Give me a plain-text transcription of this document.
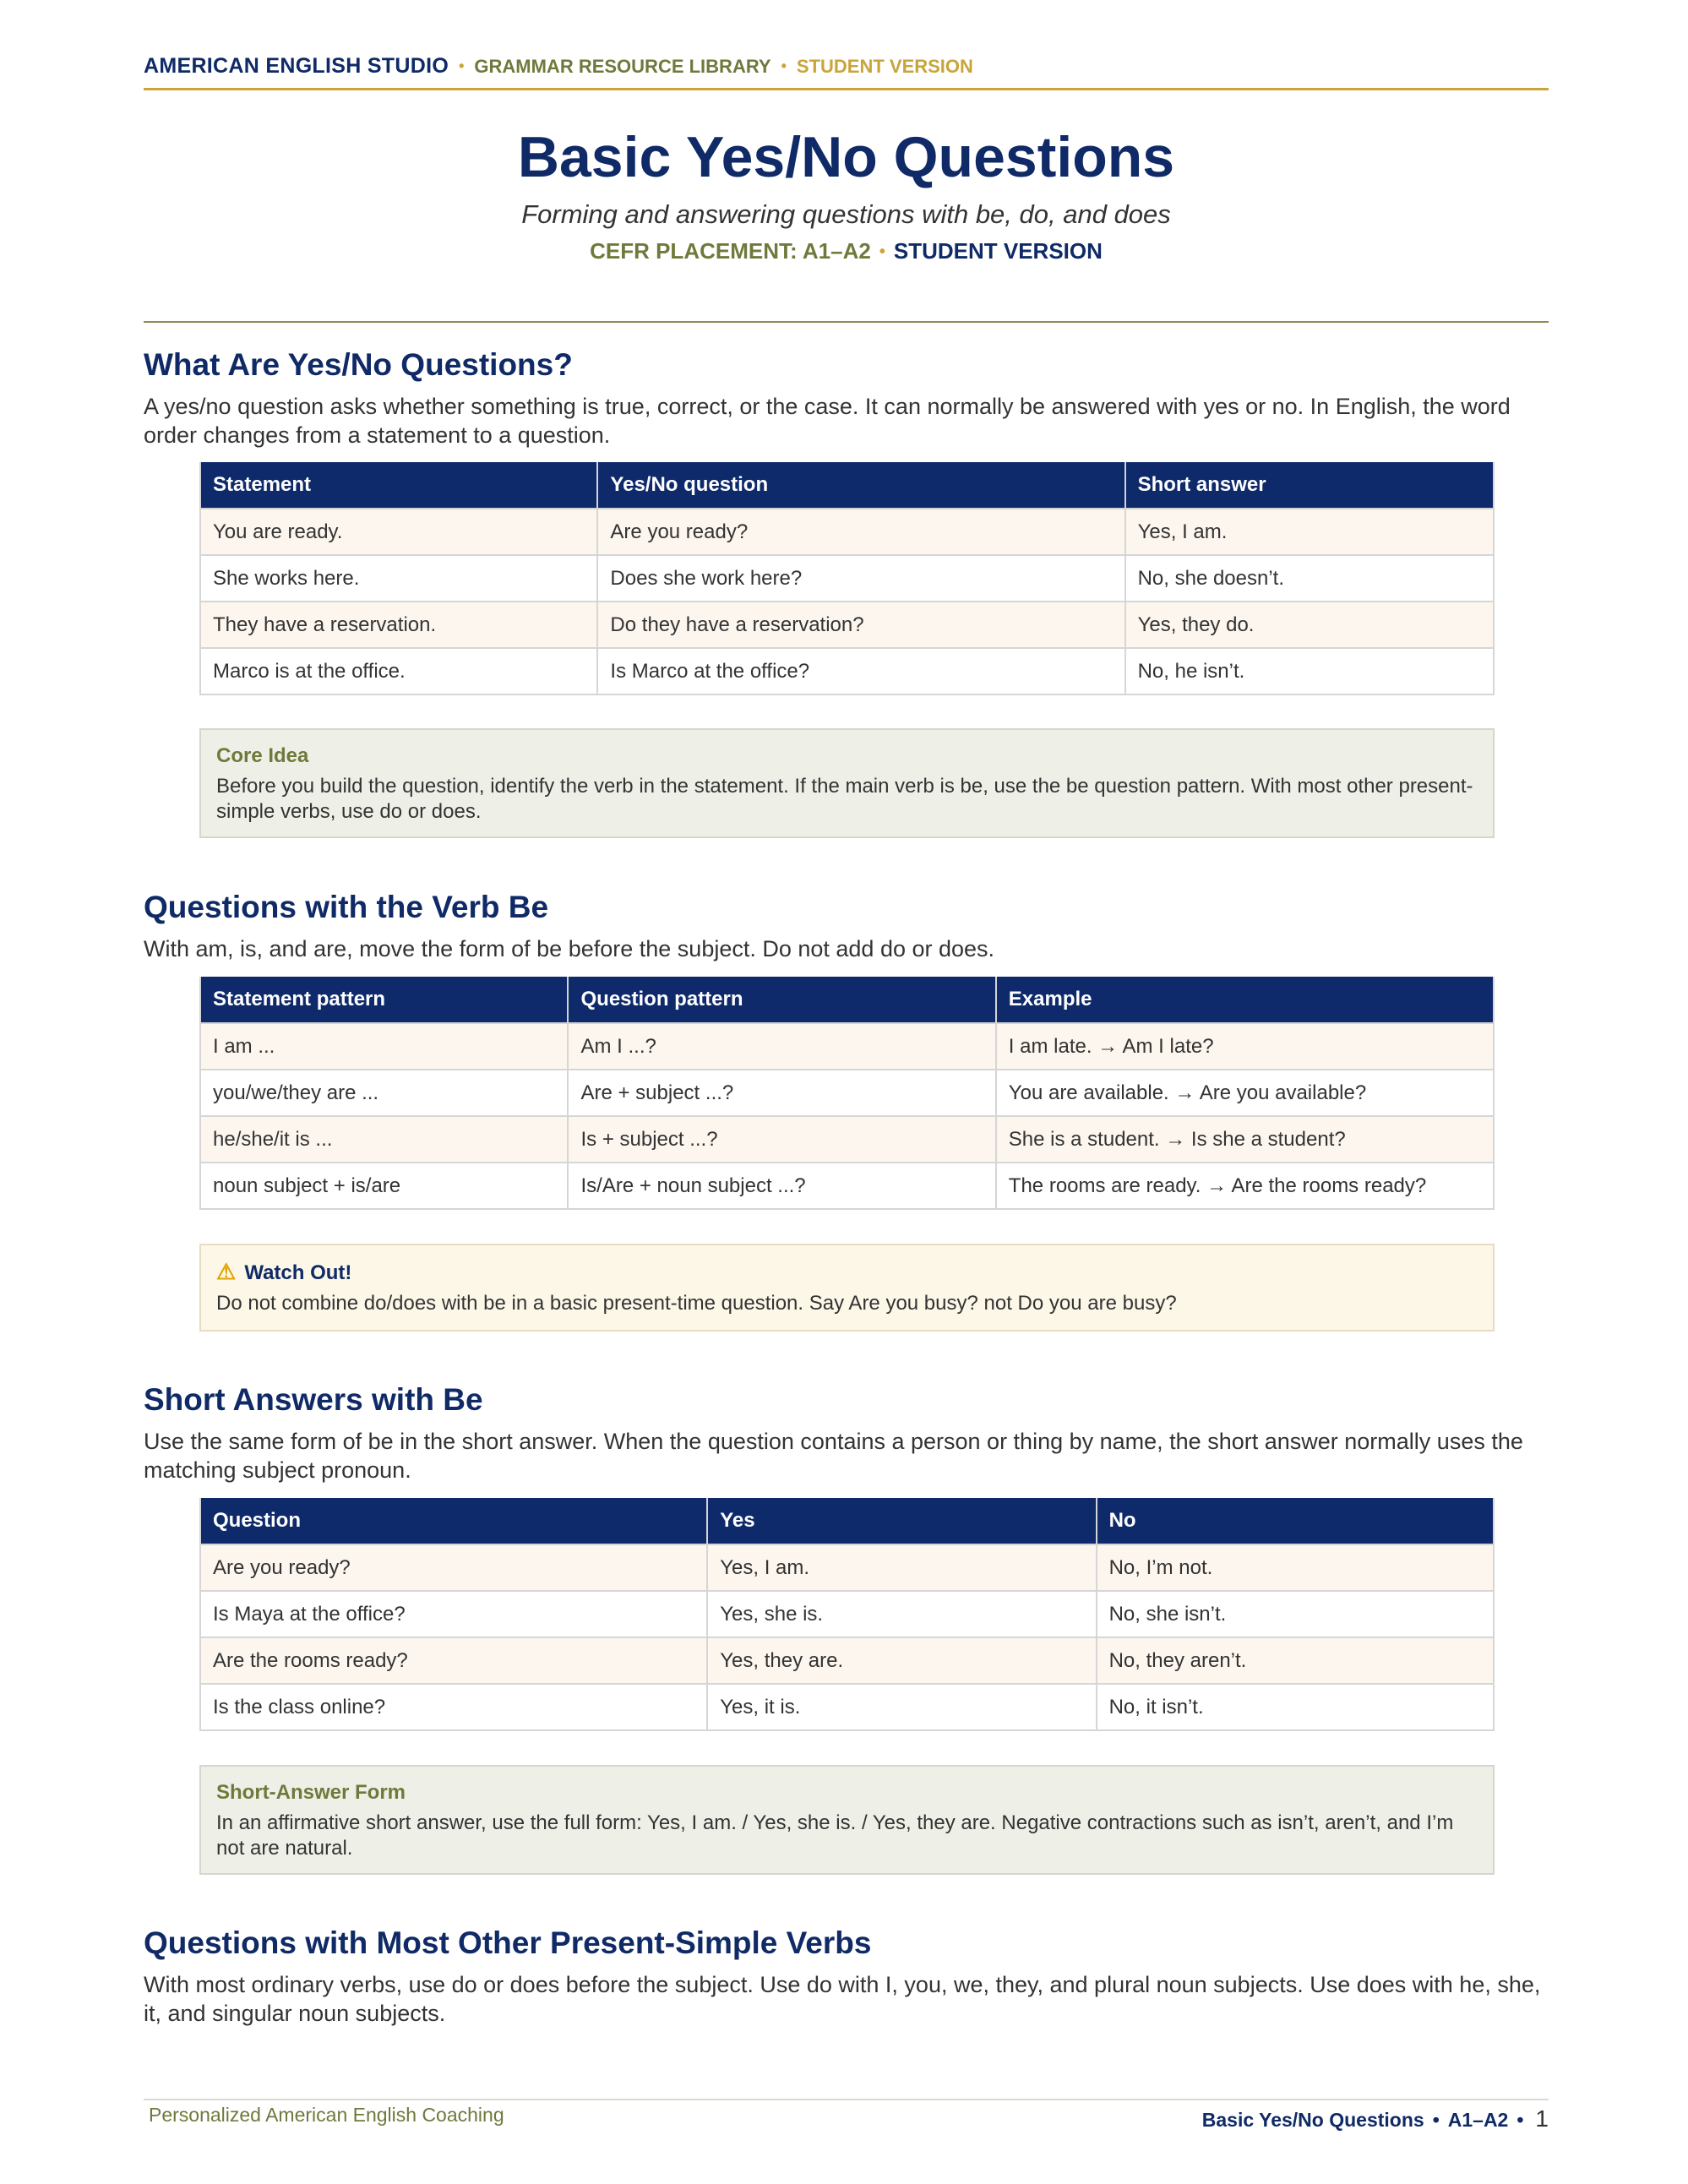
AMERICAN ENGLISH STUDIO • GRAMMAR RESOURCE LIBRARY • STUDENT VERSION
Basic Yes/No Questions
Forming and answering questions with be, do, and does
CEFR PLACEMENT: A1–A2 • STUDENT VERSION
What Are Yes/No Questions?

A yes/no question asks whether something is true, correct, or the case. It can normally be answered with yes or no. In English, the word order changes from a statement to a question.

Statement	Yes/No question	Short answer
You are ready.	Are you ready?	Yes, I am.
She works here.	Does she work here?	No, she doesn’t.
They have a reservation.	Do they have a reservation?	Yes, they do.
Marco is at the office.	Is Marco at the office?	No, he isn’t.
Core Idea
Before you build the question, identify the verb in the statement. If the main verb is be, use the be question pattern. With most other present-simple verbs, use do or does.
Questions with the Verb Be

With am, is, and are, move the form of be before the subject. Do not add do or does.

Statement pattern	Question pattern	Example
I am ...	Am I ...?	I am late. → Am I late?
you/we/they are ...	Are + subject ...?	You are available. → Are you available?
he/she/it is ...	Is + subject ...?	She is a student. → Is she a student?
noun subject + is/are	Is/Are + noun subject ...?	The rooms are ready. → Are the rooms ready?
⚠ Watch Out!
Do not combine do/does with be in a basic present-time question. Say Are you busy? not Do you are busy?
Short Answers with Be

Use the same form of be in the short answer. When the question contains a person or thing by name, the short answer normally uses the matching subject pronoun.

Question	Yes	No
Are you ready?	Yes, I am.	No, I’m not.
Is Maya at the office?	Yes, she is.	No, she isn’t.
Are the rooms ready?	Yes, they are.	No, they aren’t.
Is the class online?	Yes, it is.	No, it isn’t.
Short-Answer Form
In an affirmative short answer, use the full form: Yes, I am. / Yes, she is. / Yes, they are. Negative contractions such as isn’t, aren’t, and I’m not are natural.
Questions with Most Other Present-Simple Verbs

With most ordinary verbs, use do or does before the subject. Use do with I, you, we, they, and plural noun subjects. Use does with he, she, it, and singular noun subjects.

Personalized American English Coaching	Basic Yes/No Questions • A1–A2 • 1
